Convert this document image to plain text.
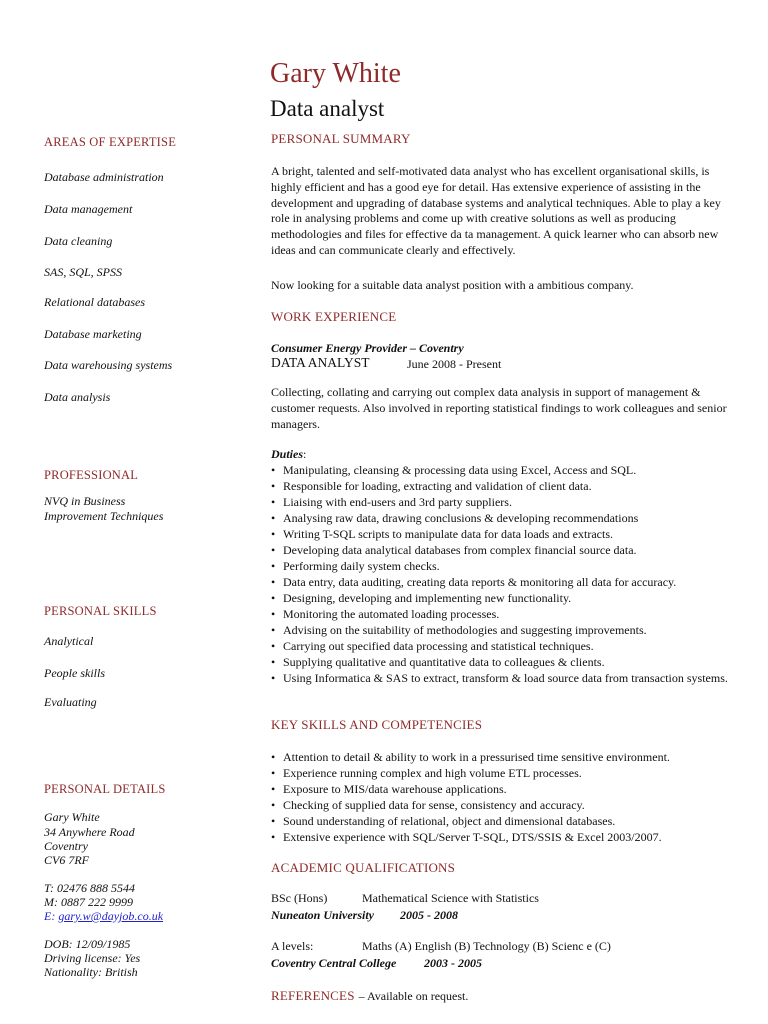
Gary White
Data analyst
AREAS OF EXPERTISE
Database administration
Data management
Data cleaning
SAS, SQL, SPSS
Relational databases
Database marketing
Data warehousing systems
Data analysis
PROFESSIONAL
NVQ in Business
Improvement Techniques
PERSONAL SKILLS
Analytical
People skills
Evaluating
PERSONAL DETAILS
Gary White
34 Anywhere Road
Coventry
CV6 7RF
T: 02476 888 5544
M: 0887 222 9999
E: gary.w@dayjob.co.uk
DOB: 12/09/1985
Driving license: Yes
Nationality: British
PERSONAL SUMMARY
A bright, talented and self-motivated data analyst who has excellent organisational skills, is highly efficient and has a good eye for detail. Has extensive experience of assisting in the development and upgrading of database systems and analytical techniques. Able to play a key role in analysing problems and come up with creative solutions as well as producing methodologies and files for effective da ta management. A quick learner who can absorb new ideas and can communicate clearly and effectively.
Now looking for a suitable data analyst position with a ambitious company.
WORK EXPERIENCE
Consumer Energy Provider – Coventry
DATA ANALYST	June 2008 - Present
Collecting, collating and carrying out complex data analysis in support of management & customer requests. Also involved in reporting statistical findings to work colleagues and senior managers.
Duties:
• Manipulating, cleansing & processing data using Excel, Access and SQL.
• Responsible for loading, extracting and validation of client data.
• Liaising with end-users and 3rd party suppliers.
• Analysing raw data, drawing conclusions & developing recommendations
• Writing T-SQL scripts to manipulate data for data loads and extracts.
• Developing data analytical databases from complex financial source data.
• Performing daily system checks.
• Data entry, data auditing, creating data reports & monitoring all data for accuracy.
• Designing, developing and implementing new functionality.
• Monitoring the automated loading processes.
• Advising on the suitability of methodologies and suggesting improvements.
• Carrying out specified data processing and statistical techniques.
• Supplying qualitative and quantitative data to colleagues & clients.
• Using Informatica & SAS to extract, transform & load source data from transaction systems.
KEY SKILLS AND COMPETENCIES
• Attention to detail & ability to work in a pressurised time sensitive environment.
• Experience running complex and high volume ETL processes.
• Exposure to MIS/data warehouse applications.
• Checking of supplied data for sense, consistency and accuracy.
• Sound understanding of relational, object and dimensional databases.
• Extensive experience with SQL/Server T-SQL, DTS/SSIS & Excel 2003/2007.
ACADEMIC QUALIFICATIONS
BSc (Hons)	Mathematical Science with Statistics
Nuneaton University 2005 - 2008
A levels:	Maths (A) English (B) Technology (B) Scienc e (C)
Coventry Central College 2003 - 2005
REFERENCES – Available on request.
